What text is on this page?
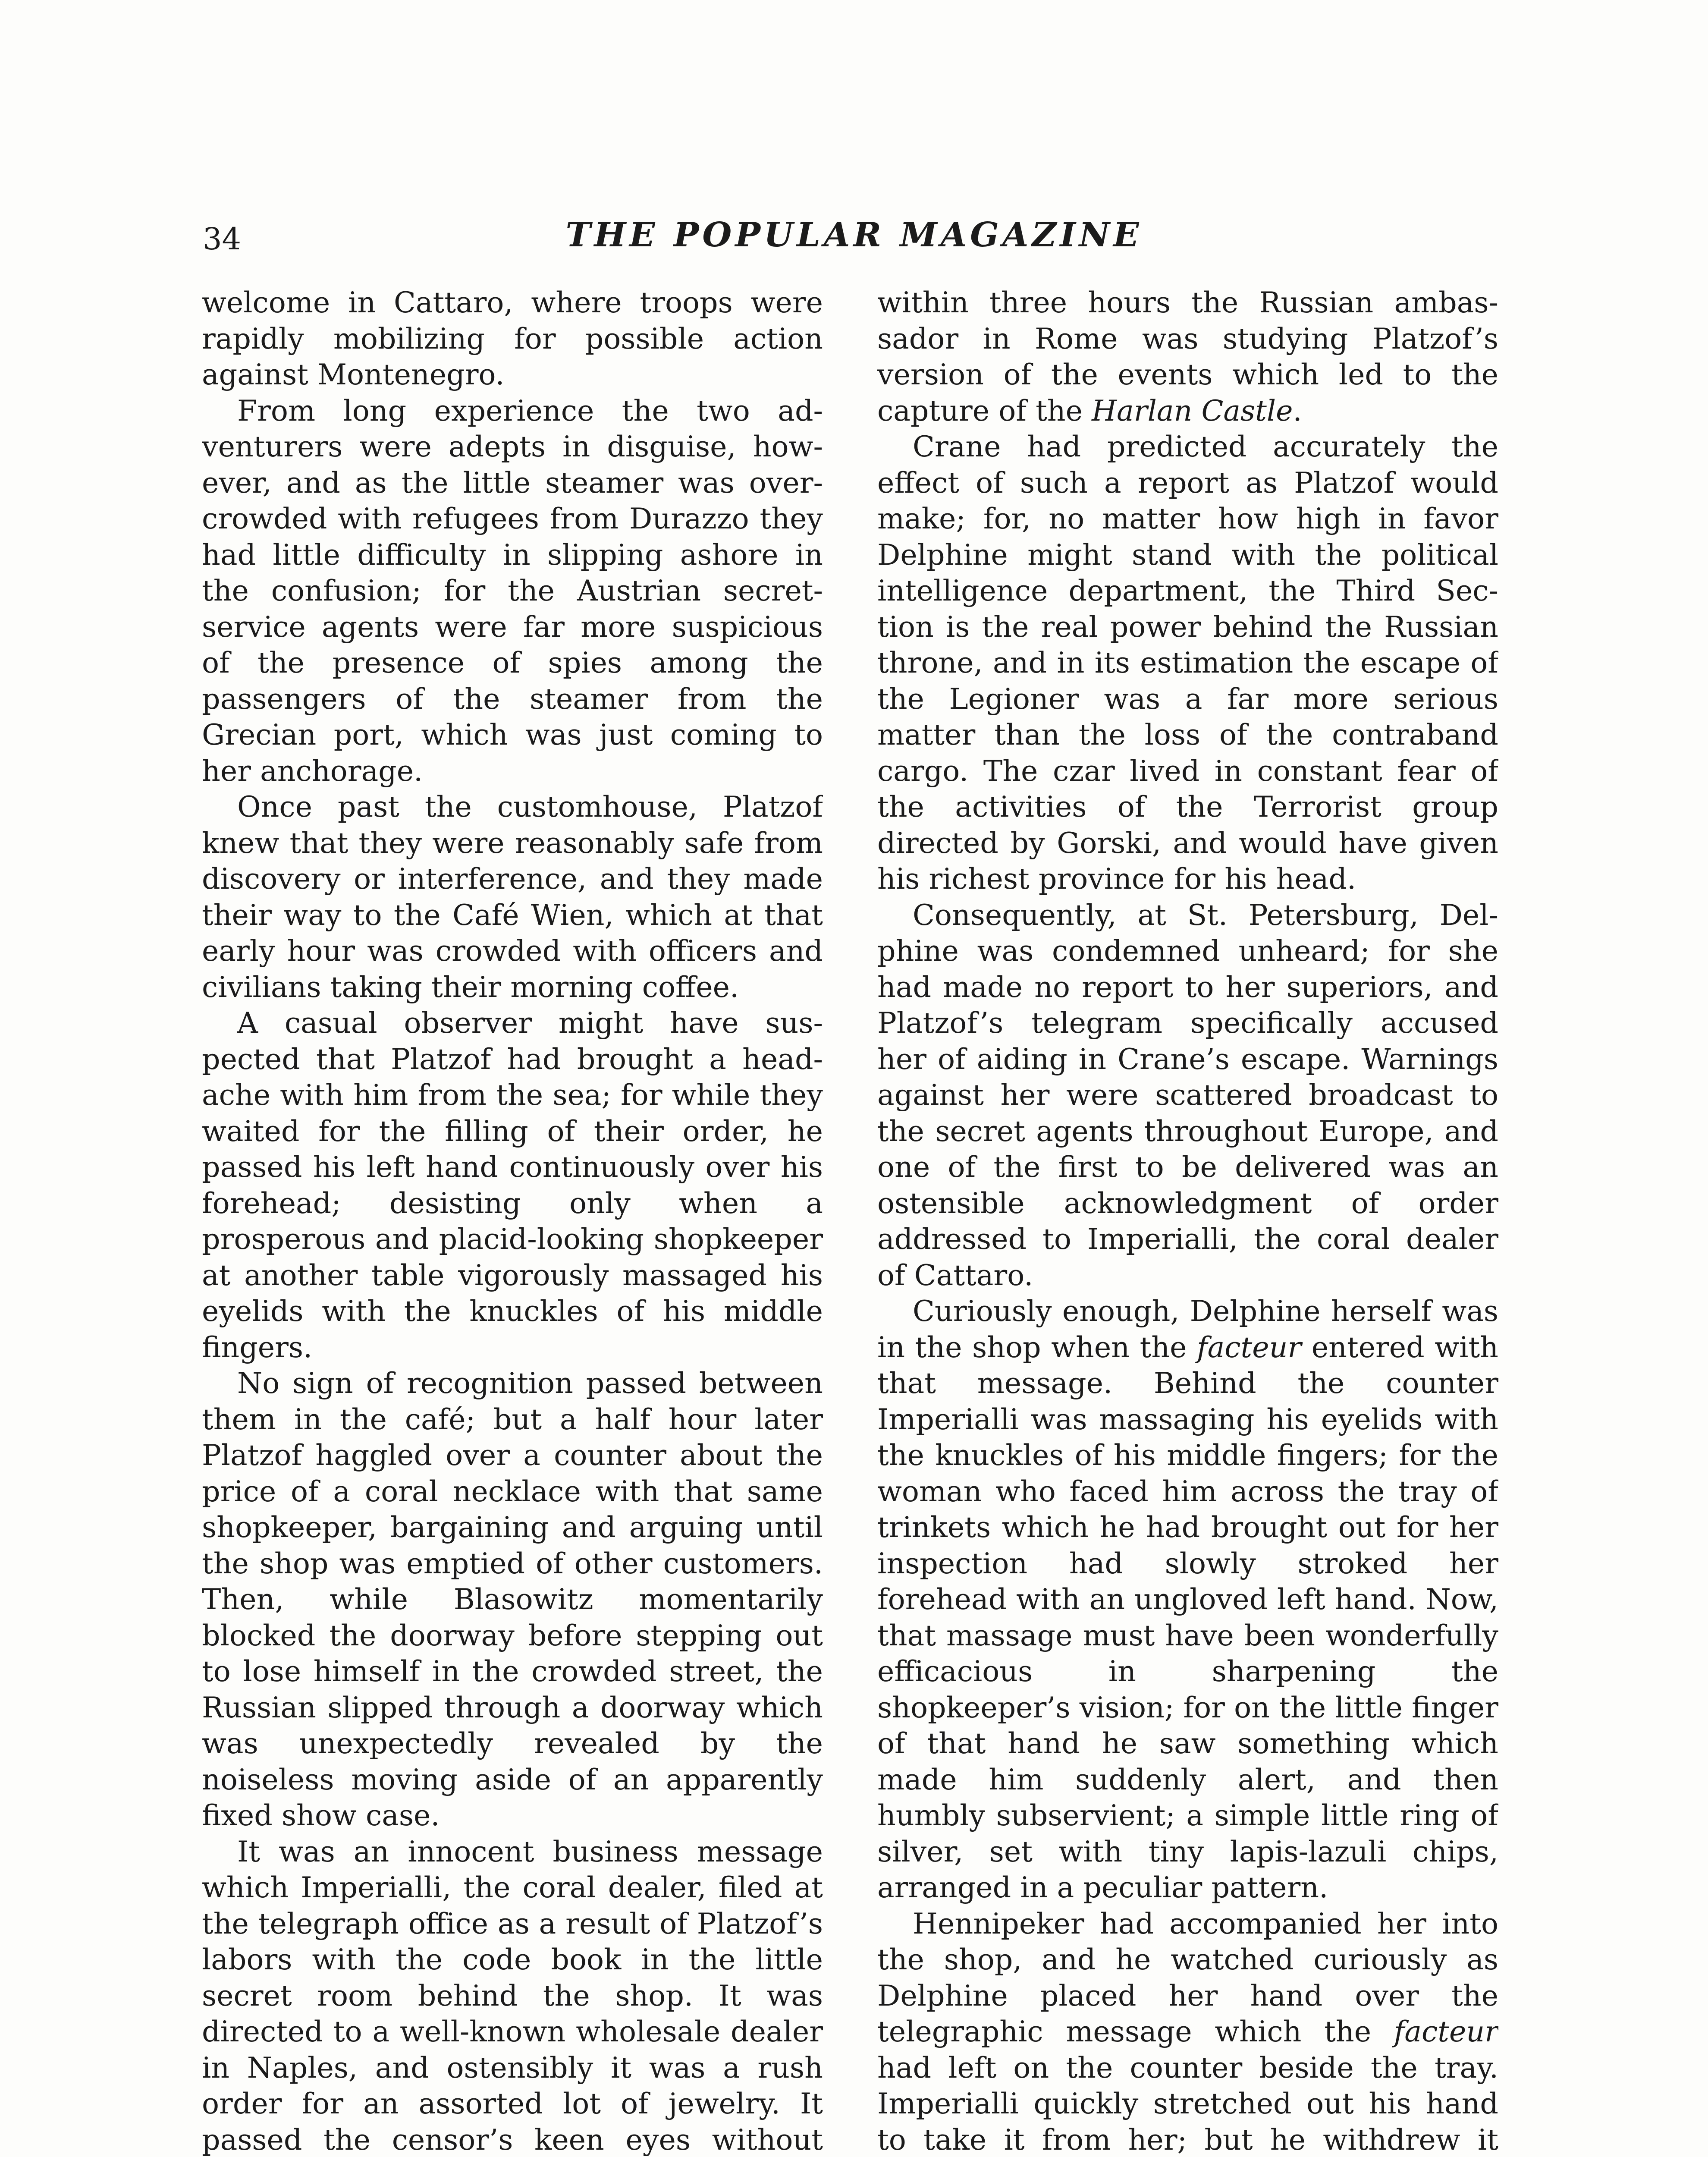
34	THE POPULAR MAGAZINE

welcome in Cattaro, where troops were rapidly mobilizing for possible action against Montenegro.

From long experience the two adventurers were adepts in disguise, however, and as the little steamer was overcrowded with refugees from Durazzo they had little difficulty in slipping ashore in the confusion; for the Austrian secret-service agents were far more suspicious of the presence of spies among the passengers of the steamer from the Grecian port, which was just coming to her anchorage.

Once past the customhouse, Platzof knew that they were reasonably safe from discovery or interference, and they made their way to the Café Wien, which at that early hour was crowded with officers and civilians taking their morning coffee.

A casual observer might have suspected that Platzof had brought a headache with him from the sea; for while they waited for the filling of their order, he passed his left hand continuously over his forehead; desisting only when a prosperous and placid-looking shopkeeper at another table vigorously massaged his eyelids with the knuckles of his middle fingers.

No sign of recognition passed between them in the café; but a half hour later Platzof haggled over a counter about the price of a coral necklace with that same shopkeeper, bargaining and arguing until the shop was emptied of other customers. Then, while Blasowitz momentarily blocked the doorway before stepping out to lose himself in the crowded street, the Russian slipped through a doorway which was unexpectedly revealed by the noiseless moving aside of an apparently fixed show case.

It was an innocent business message which Imperialli, the coral dealer, filed at the telegraph office as a result of Platzof’s labors with the code book in the little secret room behind the shop. It was directed to a well-known wholesale dealer in Naples, and ostensibly it was a rush order for an assorted lot of jewelry. It passed the censor’s keen eyes without

within three hours the Russian ambassador in Rome was studying Platzof’s version of the events which led to the capture of the Harlan Castle.

Crane had predicted accurately the effect of such a report as Platzof would make; for, no matter how high in favor Delphine might stand with the political intelligence department, the Third Section is the real power behind the Russian throne, and in its estimation the escape of the Legioner was a far more serious matter than the loss of the contraband cargo. The czar lived in constant fear of the activities of the Terrorist group directed by Gorski, and would have given his richest province for his head.

Consequently, at St. Petersburg, Delphine was condemned unheard; for she had made no report to her superiors, and Platzof’s telegram specifically accused her of aiding in Crane’s escape. Warnings against her were scattered broadcast to the secret agents throughout Europe, and one of the first to be delivered was an ostensible acknowledgment of order addressed to Imperialli, the coral dealer of Cattaro.

Curiously enough, Delphine herself was in the shop when the facteur entered with that message. Behind the counter Imperialli was massaging his eyelids with the knuckles of his middle fingers; for the woman who faced him across the tray of trinkets which he had brought out for her inspection had slowly stroked her forehead with an ungloved left hand. Now, that massage must have been wonderfully efficacious in sharpening the shopkeeper’s vision; for on the little finger of that hand he saw something which made him suddenly alert, and then humbly subservient; a simple little ring of silver, set with tiny lapis-lazuli chips, arranged in a peculiar pattern.

Hennipeker had accompanied her into the shop, and he watched curiously as Delphine placed her hand over the telegraphic message which the facteur had left on the counter beside the tray. Imperialli quickly stretched out his hand to take it from her; but he withdrew it
